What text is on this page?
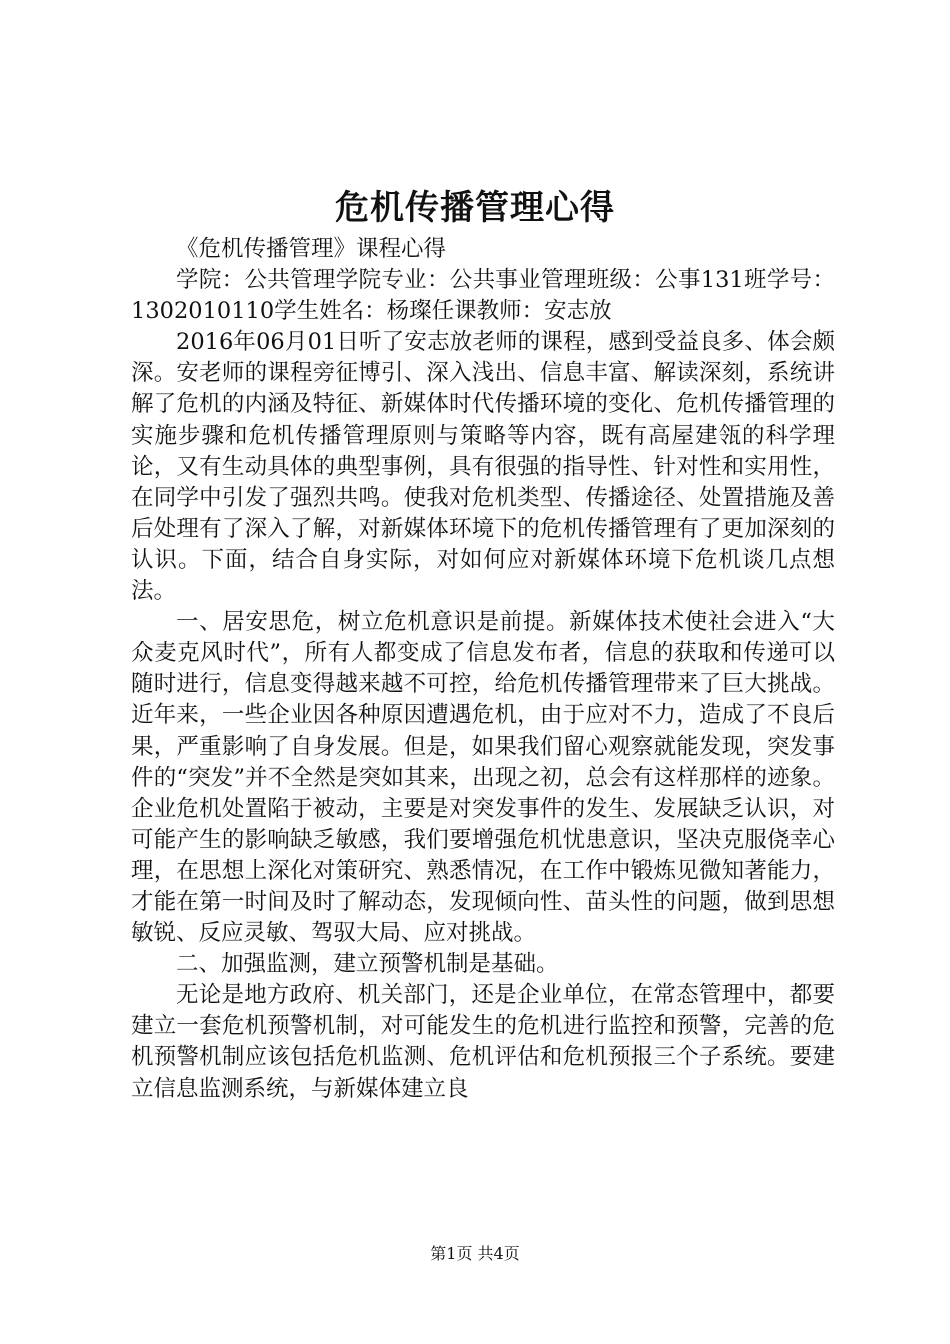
危机传播管理心得

《危机传播管理》课程心得

学院：公共管理学院专业：公共事业管理班级：公事131班学号：1302010110学生姓名：杨璨任课教师：安志放

2016年06月01日听了安志放老师的课程，感到受益良多、体会颇深。安老师的课程旁征博引、深入浅出、信息丰富、解读深刻，系统讲解了危机的内涵及特征、新媒体时代传播环境的变化、危机传播管理的实施步骤和危机传播管理原则与策略等内容，既有高屋建瓴的科学理论，又有生动具体的典型事例，具有很强的指导性、针对性和实用性，在同学中引发了强烈共鸣。使我对危机类型、传播途径、处置措施及善后处理有了深入了解，对新媒体环境下的危机传播管理有了更加深刻的认识。下面，结合自身实际，对如何应对新媒体环境下危机谈几点想法。

一、居安思危，树立危机意识是前提。新媒体技术使社会进入“大众麦克风时代”，所有人都变成了信息发布者，信息的获取和传递可以随时进行，信息变得越来越不可控，给危机传播管理带来了巨大挑战。近年来，一些企业因各种原因遭遇危机，由于应对不力，造成了不良后果，严重影响了自身发展。但是，如果我们留心观察就能发现，突发事件的“突发”并不全然是突如其来，出现之初，总会有这样那样的迹象。企业危机处置陷于被动，主要是对突发事件的发生、发展缺乏认识，对可能产生的影响缺乏敏感，我们要增强危机忧患意识，坚决克服侥幸心理，在思想上深化对策研究、熟悉情况，在工作中锻炼见微知著能力，才能在第一时间及时了解动态，发现倾向性、苗头性的问题，做到思想敏锐、反应灵敏、驾驭大局、应对挑战。

二、加强监测，建立预警机制是基础。

无论是地方政府、机关部门，还是企业单位，在常态管理中，都要建立一套危机预警机制，对可能发生的危机进行监控和预警，完善的危机预警机制应该包括危机监测、危机评估和危机预报三个子系统。要建立信息监测系统，与新媒体建立良

第1页 共4页
